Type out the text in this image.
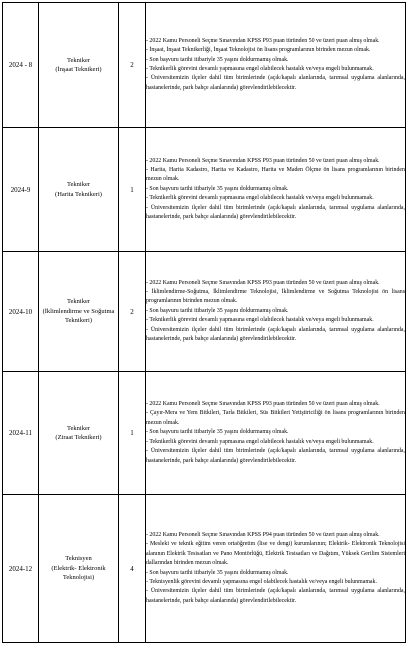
2024 - 8	Tekniker
(İnşaat Teknikeri)	2	- 2022 Kamu Personeli Seçme Sınavından KPSS P93 puan türünden 50 ve üzeri puan almış olmak.
- İnşaat, İnşaat Teknikerliği, İnşaat Teknolojisi ön lisans programlarının birinden mezun olmak.
- Son başvuru tarihi itibariyle 35 yaşını doldurmamış olmak.
- Teknikerlik görevini devamlı yapmasına engel olabilecek hastalık ve/veya engeli bulunmamak.
- Üniversitemizin ilçeler dahil tüm birimlerinde (açık/kapalı alanlarında, tarımsal uygulama alanlarında, hastanelerinde, park bahçe alanlarında) görevlendirilebilecektir.

2024-9	Tekniker
(Harita Teknikeri)	1	- 2022 Kamu Personeli Seçme Sınavından KPSS P93 puan türünden 50 ve üzeri puan almış olmak.
- Harita, Harita Kadastro, Harita ve Kadastro, Harita ve Maden Ölçme ön lisans programlarının birinden mezun olmak.
- Son başvuru tarihi itibariyle 35 yaşını doldurmamış olmak.
- Teknikerlik görevini devamlı yapmasına engel olabilecek hastalık ve/veya engeli bulunmamak.
- Üniversitemizin ilçeler dahil tüm birimlerinde (açık/kapalı alanlarında, tarımsal uygulama alanlarında, hastanelerinde, park bahçe alanlarında) görevlendirilebilecektir.

2024-10	Tekniker
(İklimlendirme ve Soğutma Teknikeri)	2	- 2022 Kamu Personeli Seçme Sınavından KPSS P93 puan türünden 50 ve üzeri puan almış olmak.
- İklimlendirme-Soğutma, İklimlendirme Teknolojisi, İklimlendirme ve Soğutma Teknolojisi ön lisans programlarının birinden mezun olmak.
- Son başvuru tarihi itibariyle 35 yaşını doldurmamış olmak.
- Teknikerlik görevini devamlı yapmasına engel olabilecek hastalık ve/veya engeli bulunmamak.
- Üniversitemizin ilçeler dahil tüm birimlerinde (açık/kapalı alanlarında, tarımsal uygulama alanlarında, hastanelerinde, park bahçe alanlarında) görevlendirilebilecektir.

2024-11	Tekniker
(Ziraat Teknikeri)	1	- 2022 Kamu Personeli Seçme Sınavından KPSS P93 puan türünden 50 ve üzeri puan almış olmak.
- Çayır-Mera ve Yem Bitkileri, Tarla Bitkileri, Süs Bitkileri Yetiştiriciliği ön lisans programlarının birinden mezun olmak.
- Son başvuru tarihi itibariyle 35 yaşını doldurmamış olmak.
- Teknikerlik görevini devamlı yapmasına engel olabilecek hastalık ve/veya engeli bulunmamak.
- Üniversitemizin ilçeler dahil tüm birimlerinde (açık/kapalı alanlarında, tarımsal uygulama alanlarında, hastanelerinde, park bahçe alanlarında) görevlendirilebilecektir.

2024-12	Teknisyen
(Elektrik- Elektronik Teknolojisi)	4	- 2022 Kamu Personeli Seçme Sınavından KPSS P94 puan türünden 50 ve üzeri puan almış olmak.
- Mesleki ve teknik eğitim veren ortaöğretim (lise ve dengi) kurumlarının; Elektrik- Elektronik Teknolojisi alanının Elektrik Tesisatları ve Pano Montörlüğü, Elektrik Tesisatları ve Dağıtım, Yüksek Gerilim Sistemleri dallarından birinden mezun olmak.
- Son başvuru tarihi itibariyle 35 yaşını doldurmamış olmak.
- Teknisyenlik görevini devamlı yapmasına engel olabilecek hastalık ve/veya engeli bulunmamak.
- Üniversitemizin ilçeler dahil tüm birimlerinde (açık/kapalı alanlarında, tarımsal uygulama alanlarında, hastanelerinde, park bahçe alanlarında) görevlendirilebilecektir.
